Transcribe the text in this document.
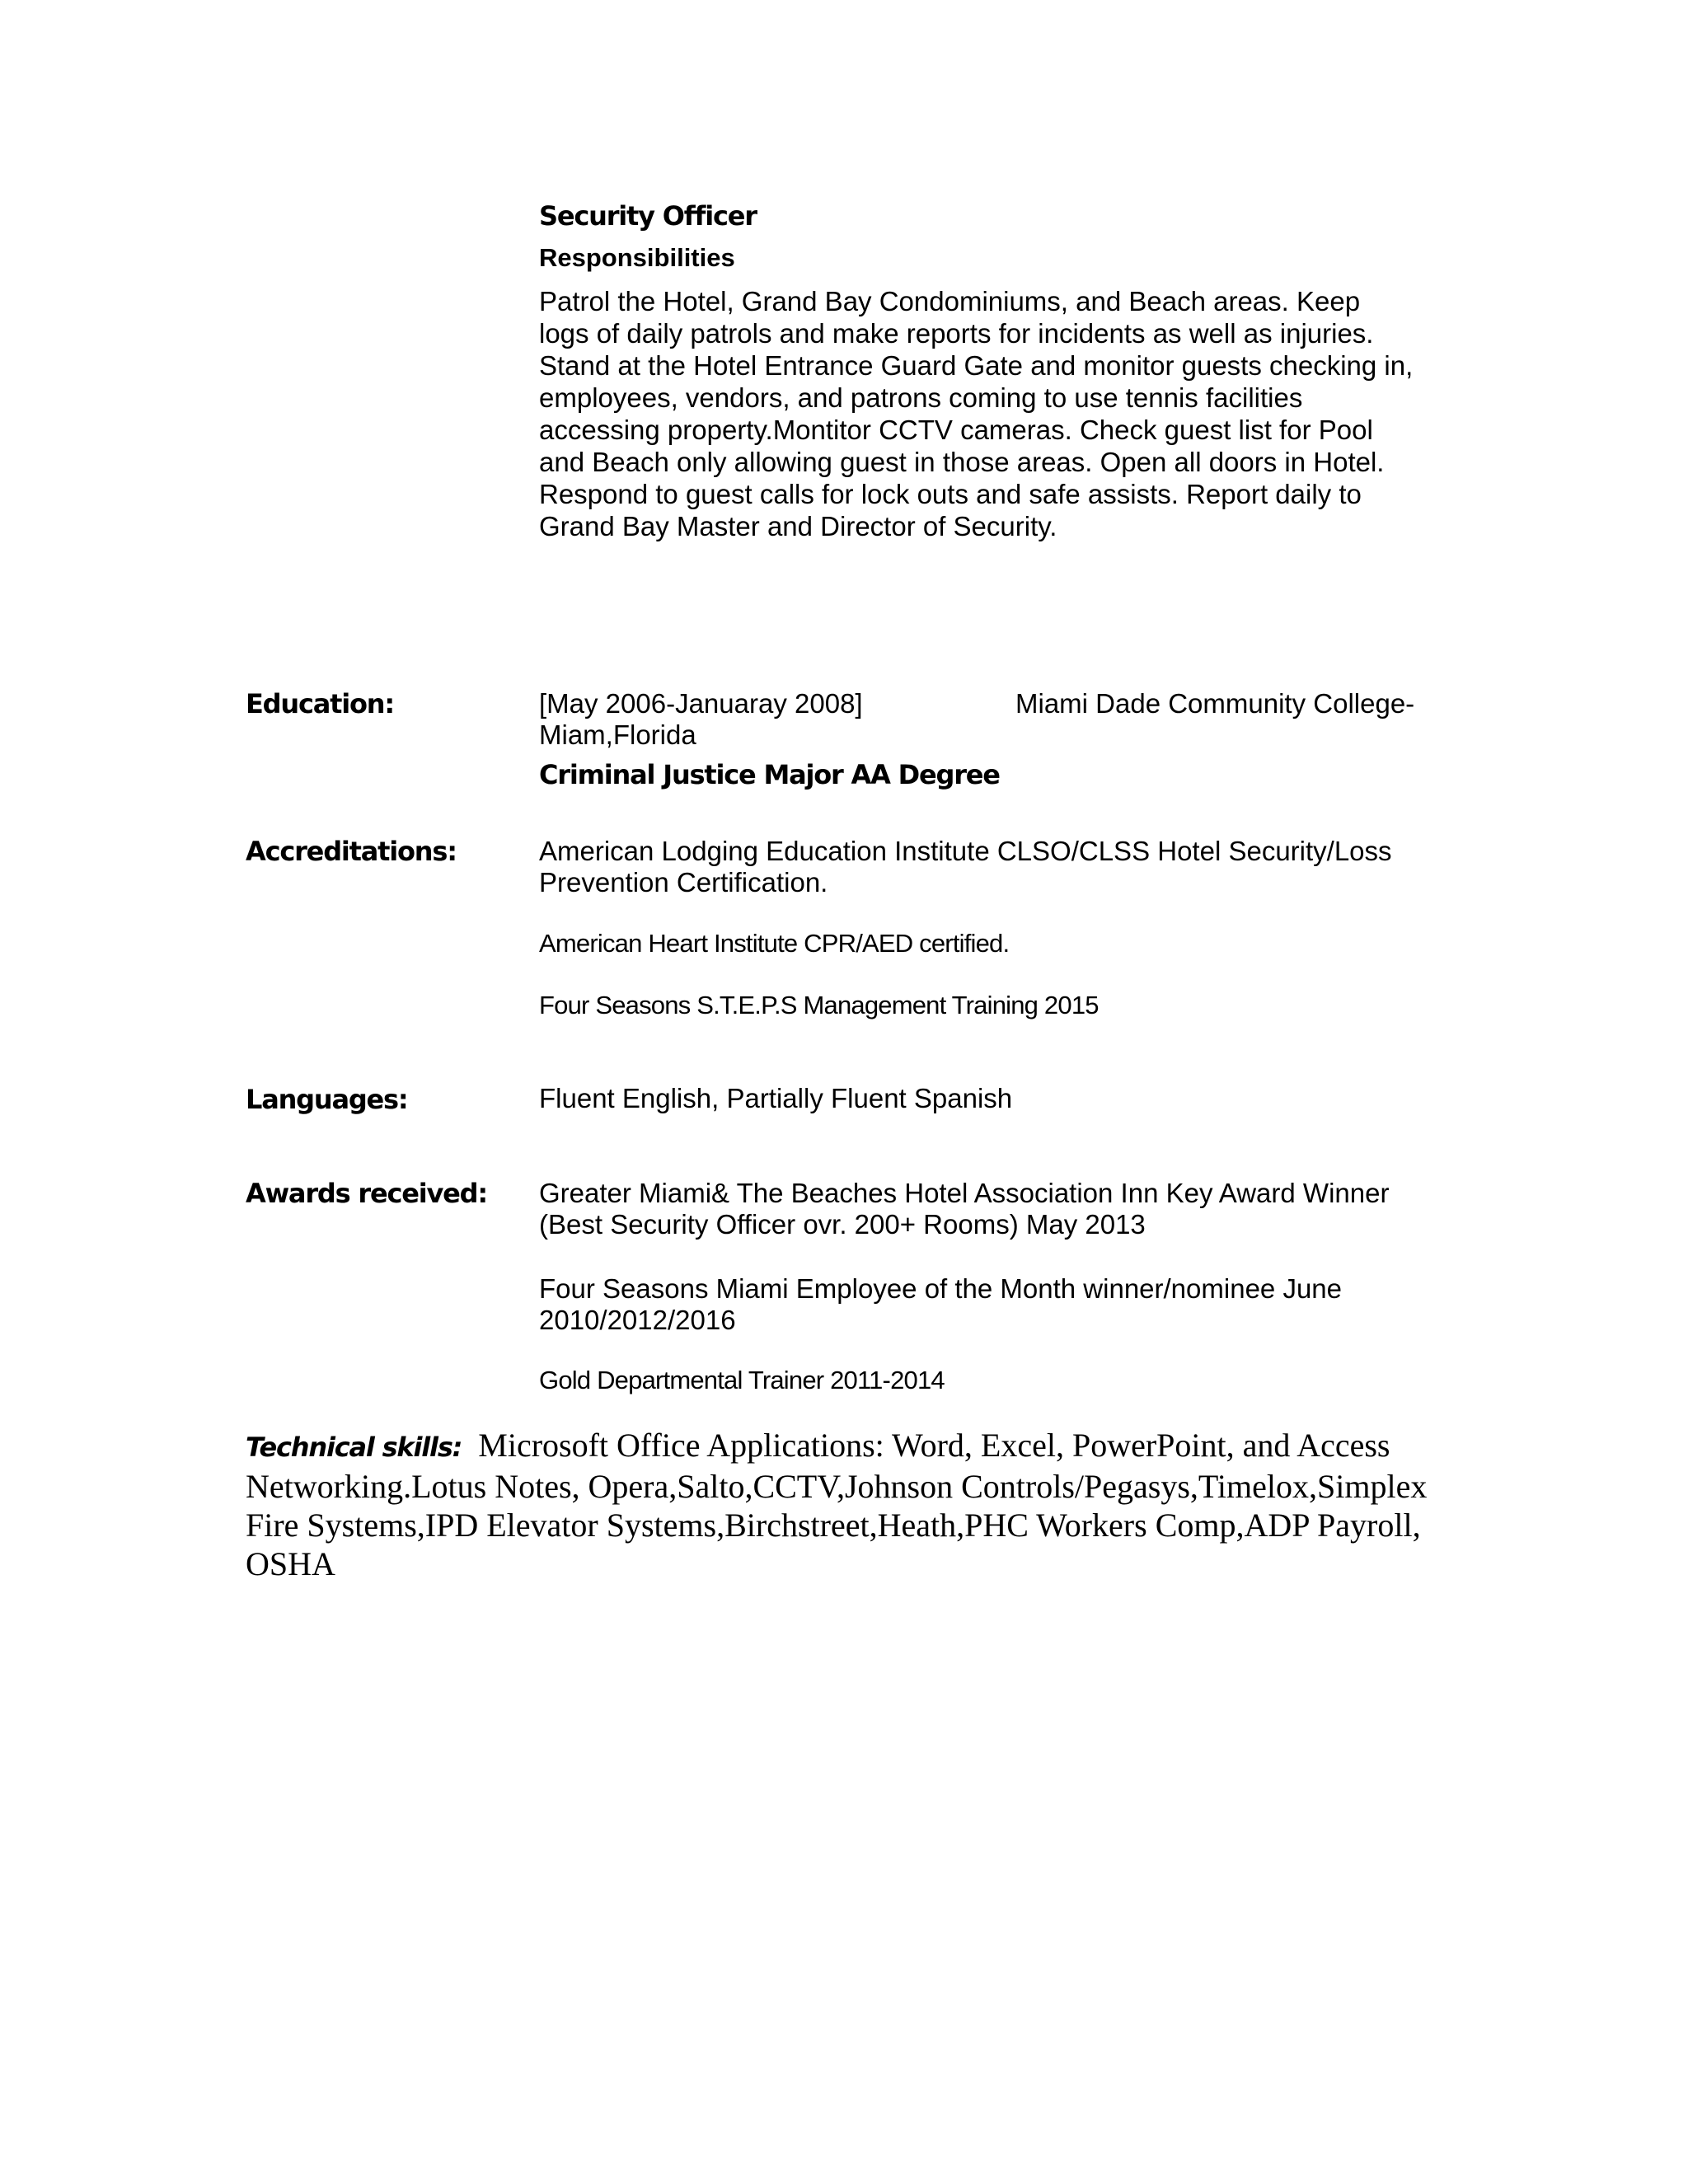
Security Officer
Responsibilities
Patrol the Hotel, Grand Bay Condominiums, and Beach areas. Keep
logs of daily patrols and make reports for incidents as well as injuries.
Stand at the Hotel Entrance Guard Gate and monitor guests checking in,
employees, vendors, and patrons coming to use tennis facilities
accessing property.Montitor CCTV cameras. Check guest list for Pool
and Beach only allowing guest in those areas. Open all doors in Hotel.
Respond to guest calls for lock outs and safe assists. Report daily to
Grand Bay Master and Director of Security.
Education:	[May 2006-Januaray 2008]	Miami Dade Community College-
Miam,Florida
Criminal Justice Major AA Degree
Accreditations:	American Lodging Education Institute CLSO/CLSS Hotel Security/Loss
Prevention Certification.
American Heart Institute CPR/AED certified.
Four Seasons S.T.E.P.S Management Training 2015
Languages:	Fluent English, Partially Fluent Spanish
Awards received: Greater Miami& The Beaches Hotel Association Inn Key Award Winner
(Best Security Officer ovr. 200+ Rooms) May 2013
Four Seasons Miami Employee of the Month winner/nominee June
2010/2012/2016
Gold Departmental Trainer 2011-2014
Technical skills: Microsoft Office Applications: Word, Excel, PowerPoint, and Access
Networking.Lotus Notes, Opera,Salto,CCTV,Johnson Controls/Pegasys,Timelox,Simplex
Fire Systems,IPD Elevator Systems,Birchstreet,Heath,PHC Workers Comp,ADP Payroll,
OSHA
